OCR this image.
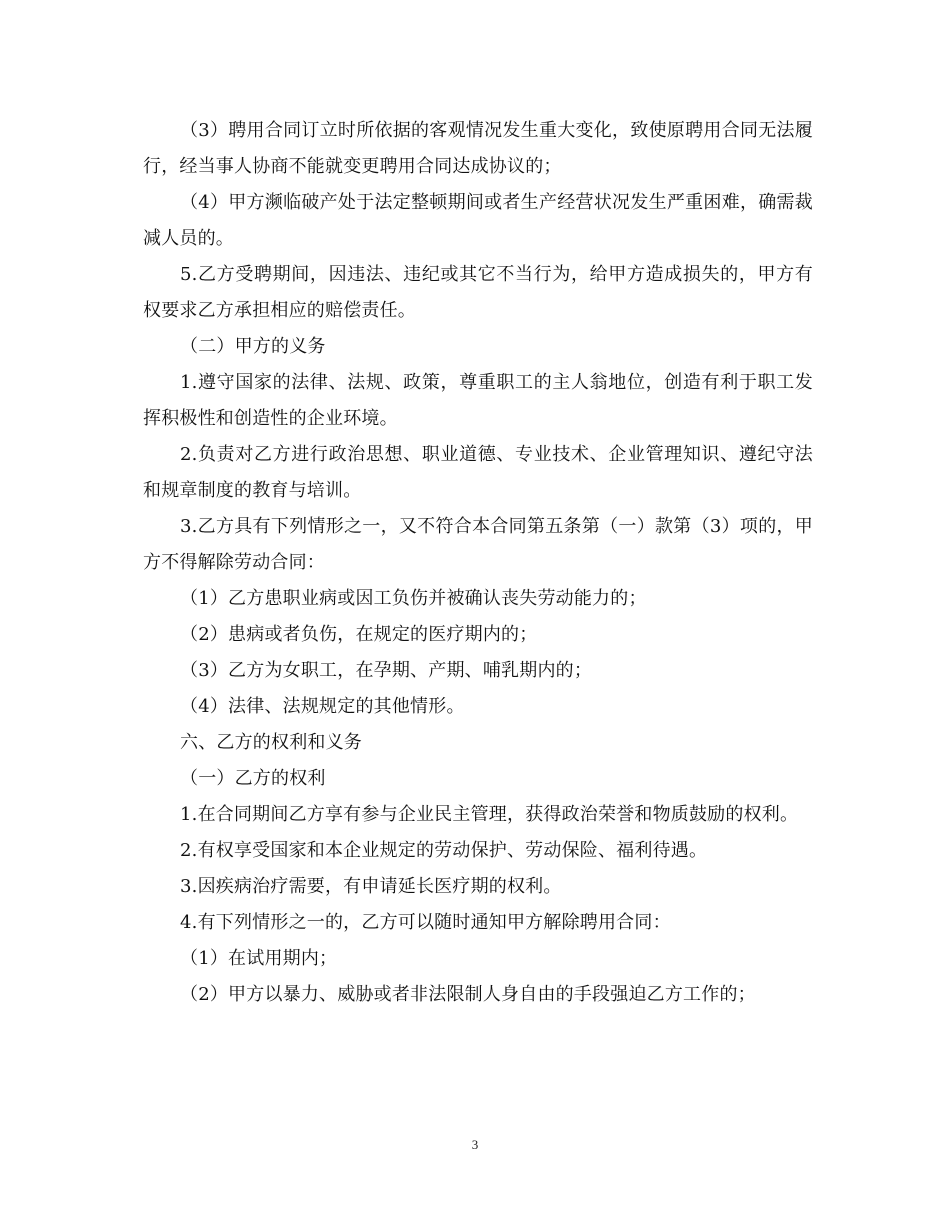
（3）聘用合同订立时所依据的客观情况发生重大变化，致使原聘用合同无法履行，经当事人协商不能就变更聘用合同达成协议的；

（4）甲方濒临破产处于法定整顿期间或者生产经营状况发生严重困难，确需裁减人员的。

5.乙方受聘期间，因违法、违纪或其它不当行为，给甲方造成损失的，甲方有权要求乙方承担相应的赔偿责任。

（二）甲方的义务

1.遵守国家的法律、法规、政策，尊重职工的主人翁地位，创造有利于职工发挥积极性和创造性的企业环境。

2.负责对乙方进行政治思想、职业道德、专业技术、企业管理知识、遵纪守法和规章制度的教育与培训。

3.乙方具有下列情形之一，又不符合本合同第五条第（一）款第（3）项的，甲方不得解除劳动合同：

（1）乙方患职业病或因工负伤并被确认丧失劳动能力的；

（2）患病或者负伤，在规定的医疗期内的；

（3）乙方为女职工，在孕期、产期、哺乳期内的；

（4）法律、法规规定的其他情形。

六、乙方的权利和义务

（一）乙方的权利

1.在合同期间乙方享有参与企业民主管理，获得政治荣誉和物质鼓励的权利。

2.有权享受国家和本企业规定的劳动保护、劳动保险、福利待遇。

3.因疾病治疗需要，有申请延长医疗期的权利。

4.有下列情形之一的，乙方可以随时通知甲方解除聘用合同：

（1）在试用期内；

（2）甲方以暴力、威胁或者非法限制人身自由的手段强迫乙方工作的；

3
